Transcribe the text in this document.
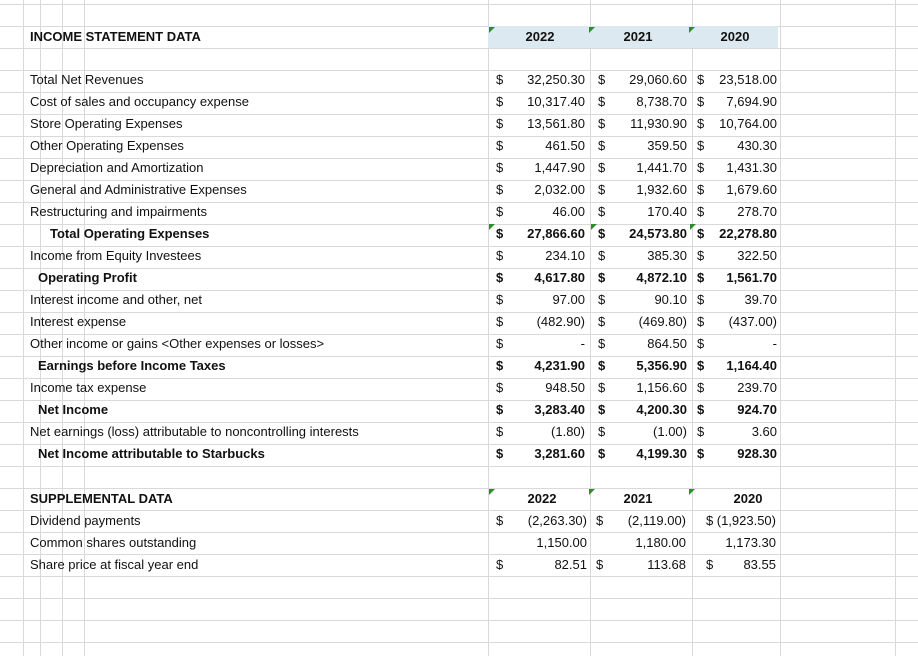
INCOME STATEMENT DATA	2022	2021	2020
Total Net Revenues	$	32,250.30 $	29,060.60 $	23,518.00
Cost of sales and occupancy expense	$	10,317.40 $	8,738.70 $	7,694.90
Store Operating Expenses	$	13,561.80 $	11,930.90 $	10,764.00
Other Operating Expenses	$	461.50 $	359.50 $	430.30
Depreciation and Amortization	$	1,447.90 $	1,441.70 $	1,431.30
General and Administrative Expenses	$	2,032.00 $	1,932.60 $	1,679.60
Restructuring and impairments	$	46.00 $	170.40 $	278.70
Total Operating Expenses	$	27,866.60 $	24,573.80 $	22,278.80
Income from Equity Investees	$	234.10 $	385.30 $	322.50
Operating Profit	$	4,617.80 $	4,872.10 $	1,561.70
Interest income and other, net	$	97.00 $	90.10 $	39.70
Interest expense	$	(482.90) $	(469.80) $	(437.00)
Other income or gains <Other expenses or losses>	$	- $	864.50 $	-
Earnings before Income Taxes	$	4,231.90 $	5,356.90 $	1,164.40
Income tax expense	$	948.50 $	1,156.60 $	239.70
Net Income	$	3,283.40 $	4,200.30 $	924.70
Net earnings (loss) attributable to noncontrolling interests	$	(1.80) $	(1.00) $	3.60
Net Income attributable to Starbucks	$	3,281.60 $	4,199.30 $	928.30
SUPPLEMENTAL DATA	2022	2021	2020
Dividend payments	$	(2,263.30) $	(2,119.00) $ (1,923.50)
Common shares outstanding	1,150.00	1,180.00	1,173.30
Share price at fiscal year end	$	82.51 $	113.68 $	83.55
